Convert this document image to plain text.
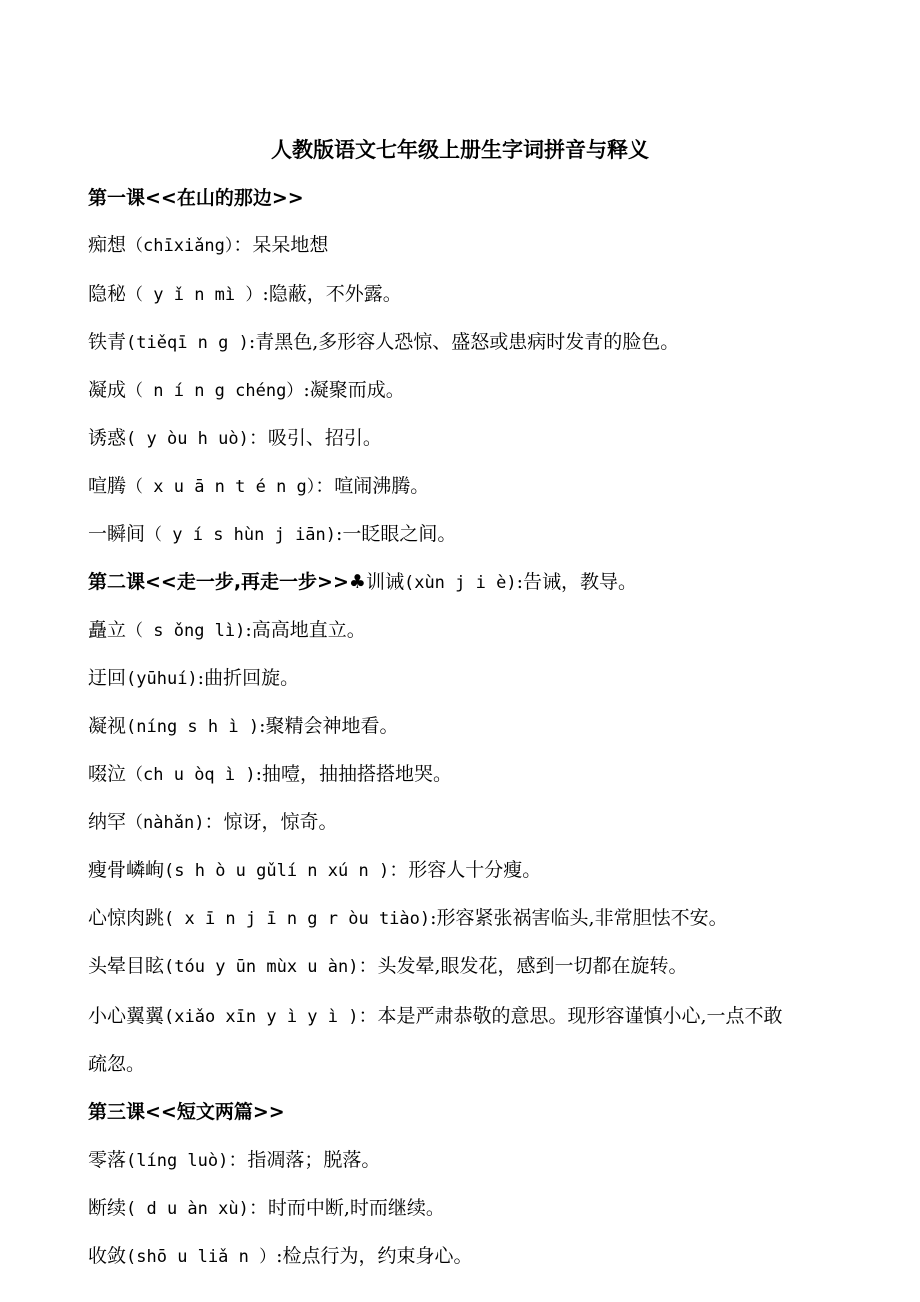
人教版语文七年级上册生字词拼音与释义
第一课<<在山的那边>>
痴想（chīxiǎng）：呆呆地想
隐秘（ y ǐ n mì ）:隐蔽，不外露。
铁青(tiěqī n g ):青黑色,多形容人恐惊、盛怒或患病时发青的脸色。
凝成（ n í n g chéng）:凝聚而成。
诱惑( y òu h uò)：吸引、招引。
喧腾（ x u ā n t é n g）：喧闹沸腾。
一瞬间（ y í s hùn j iān):一眨眼之间。
第二课<<走一步,再走一步>>♣训诫(xùn j i è):告诫，教导。
矗立（ s ǒng lì):高高地直立。
迂回(yūhuí):曲折回旋。
凝视(níng s h ì ):聚精会神地看。
啜泣（ch u òq ì ):抽噎，抽抽搭搭地哭。
纳罕（nàhǎn)：惊讶，惊奇。
瘦骨嶙峋(s h ò u gǔlí n xú n )：形容人十分瘦。
心惊肉跳( x ī n j ī n g r òu tiào):形容紧张祸害临头,非常胆怯不安。
头晕目眩(tóu y ūn mùx u àn)：头发晕,眼发花，感到一切都在旋转。
小心翼翼(xiǎo xīn y ì y ì )：本是严肃恭敬的意思。现形容谨慎小心,一点不敢
疏忽。
第三课<<短文两篇>>
零落(líng luò)：指凋落；脱落。
断续( d u àn xù)：时而中断,时而继续。
收敛(shō u liǎ n ）:检点行为，约束身心。
